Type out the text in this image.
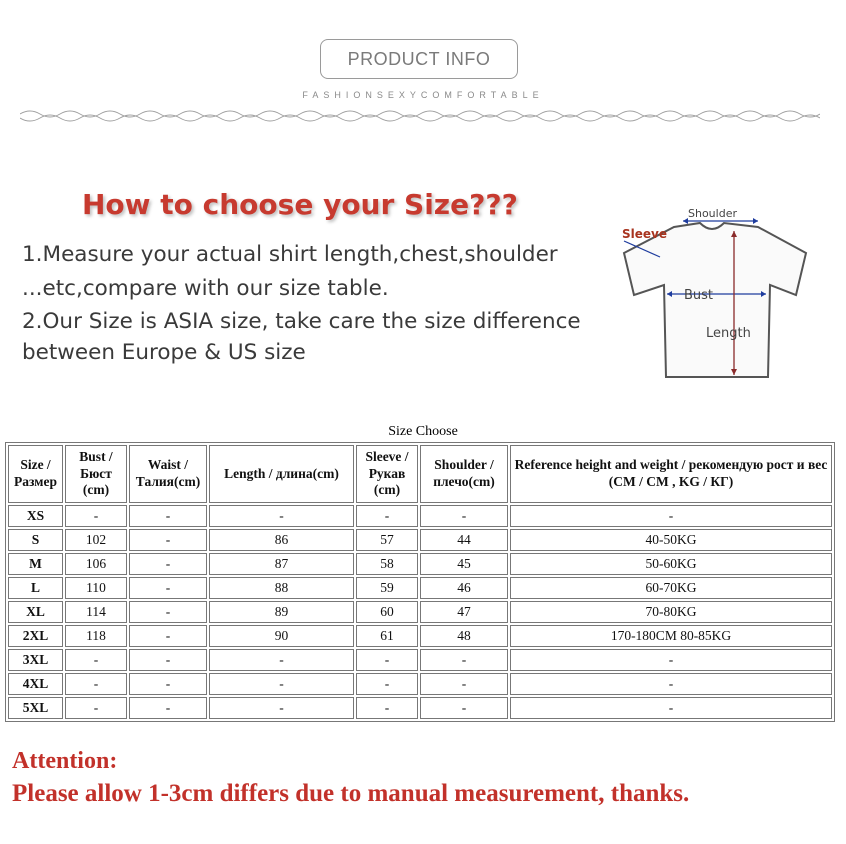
PRODUCT INFO
FASHIONSEXYCOMFORTABLE
How to choose your Size???
1.Measure your actual shirt length,chest,shoulder
...etc,compare with our size table.
2.Our Size is ASIA size, take care the size difference
between Europe & US size
Shoulder
Sleeve
Bust
Length
Size Choose
Size / Размер	Bust / Бюст (cm)	Waist / Талия(cm)	Length / длина(cm)	Sleeve / Рукав (cm)	Shoulder / плечо(cm)	Reference height and weight / рекомендую рост и вес (CM / CM , KG / КГ)
XS	-	-	-	-	-	-
S	102	-	86	57	44	40-50KG
M	106	-	87	58	45	50-60KG
L	110	-	88	59	46	60-70KG
XL	114	-	89	60	47	70-80KG
2XL	118	-	90	61	48	170-180CM 80-85KG
3XL	-	-	-	-	-	-
4XL	-	-	-	-	-	-
5XL	-	-	-	-	-	-
Attention:
Please allow 1-3cm differs due to manual measurement, thanks.
